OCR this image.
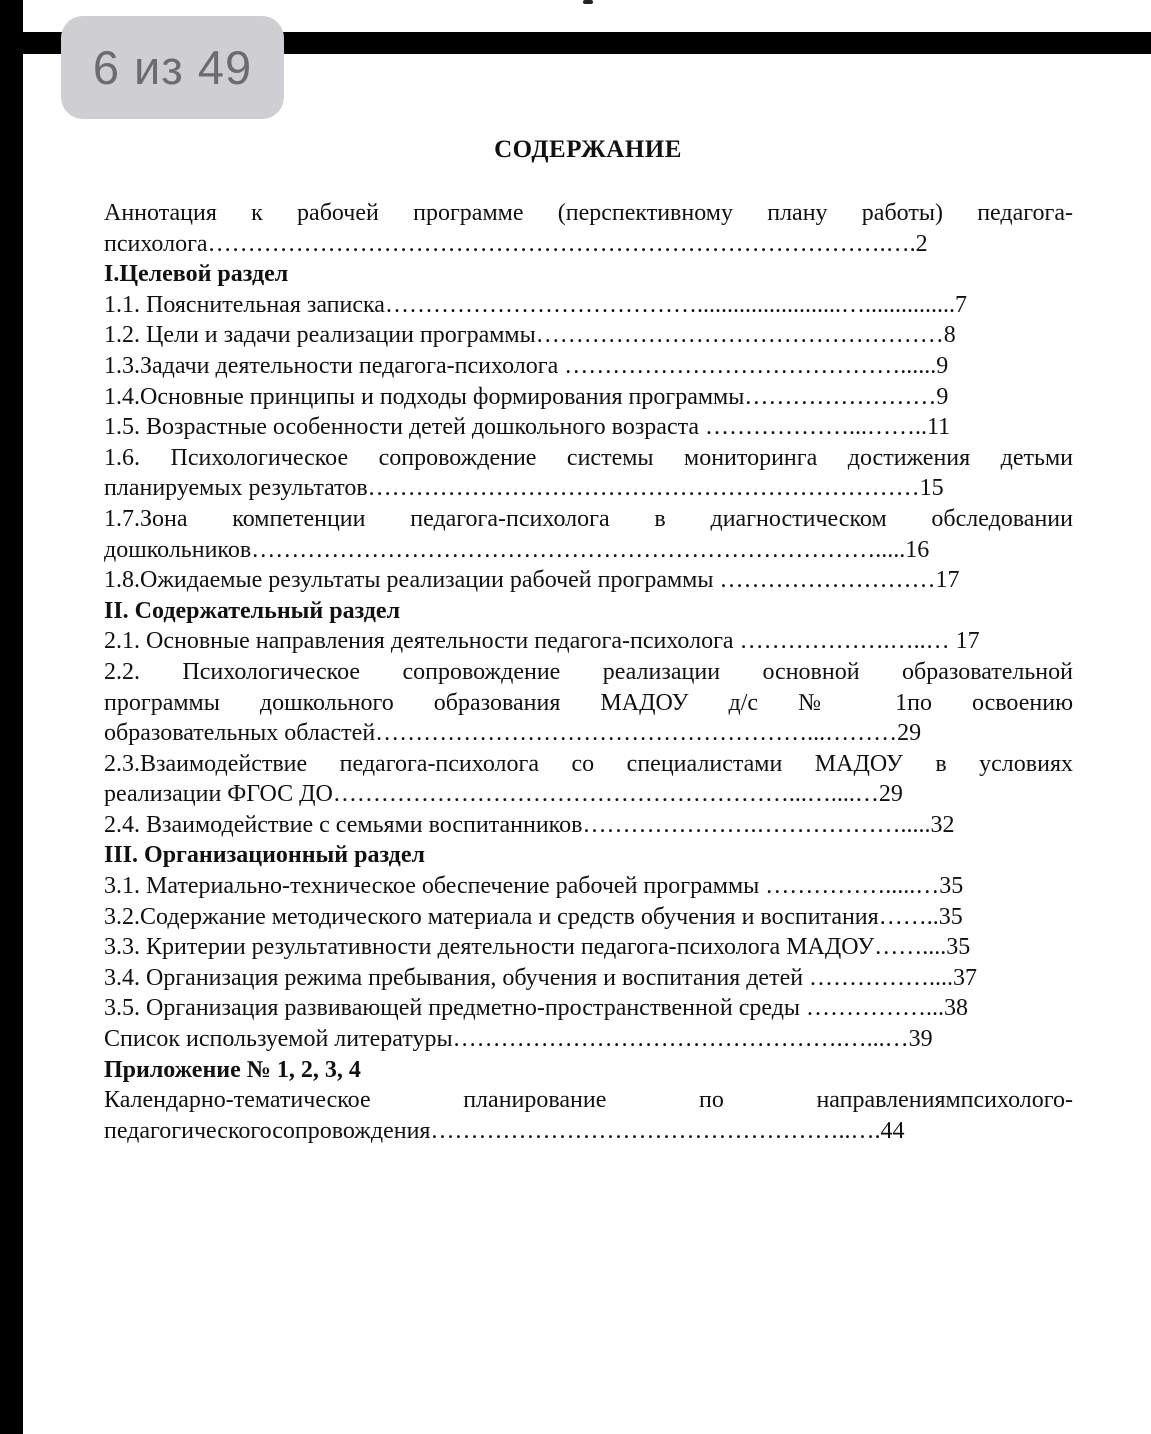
6 из 49
СОДЕРЖАНИЕ
Аннотация к рабочей программе (перспективному плану работы) педагога-
психолога………………………………………………………………………….….2
I.Целевой раздел
1.1. Пояснительная записка…………………………………........................…...............7
1.2. Цели и задачи реализации программы……………………………………………8
1.3.Задачи деятельности педагога-психолога ……………………………………......9
1.4.Основные принципы и подходы формирования программы……………………9
1.5. Возрастные особенности детей дошкольного возраста ………………...……..11
1.6. Психологическое сопровождение системы мониторинга достижения детьми
планируемых результатов……………………………………………………………15
1.7.Зона компетенции педагога-психолога в диагностическом обследовании
дошкольников…………………………………………………………………….....16
1.8.Ожидаемые результаты реализации рабочей программы ………………………17
II. Содержательный раздел
2.1. Основные направления деятельности педагога-психолога ……………….…..… 17
2.2. Психологическое сопровождение реализации основной образовательной
программы дошкольного образования МАДОУ д/с № 1по освоению
образовательных областей………………………………………………...………29
2.3.Взаимодействие педагога-психолога со специалистами МАДОУ в условиях
реализации ФГОС ДО…………………………………………………...…....…29
2.4. Взаимодействие с семьями воспитанников………………….……………….....32
III. Организационный раздел
3.1. Материально-техническое обеспечение рабочей программы …………….....…35
3.2.Содержание методического материала и средств обучения и воспитания……..35
3.3. Критерии результативности деятельности педагога-психолога МАДОУ……....35
3.4. Организация режима пребывания, обучения и воспитания детей ……………....37
3.5. Организация развивающей предметно-пространственной среды ……………...38
Список используемой литературы………………………………………….…...…39
Приложение № 1, 2, 3, 4
Календарно-тематическое планирование по направлениямпсихолого-
педагогическогосопровождения……………………………………………..….44
